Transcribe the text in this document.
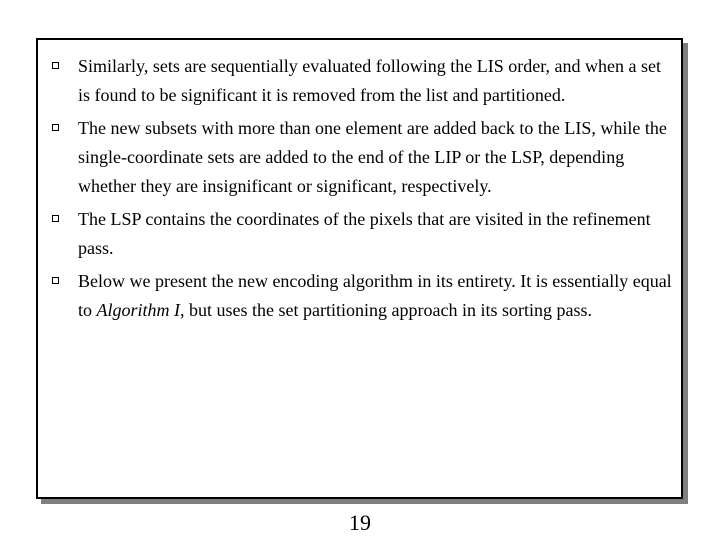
Similarly, sets are sequentially evaluated following the LIS order, and when a set is found to be significant it is removed from the list and partitioned.
The new subsets with more than one element are added back to the LIS, while the single-coordinate sets are added to the end of the LIP or the LSP, depending whether they are insignificant or significant, respectively.
The LSP contains the coordinates of the pixels that are visited in the refinement pass.
Below we present the new encoding algorithm in its entirety. It is essentially equal to Algorithm I, but uses the set partitioning approach in its sorting pass.
19
